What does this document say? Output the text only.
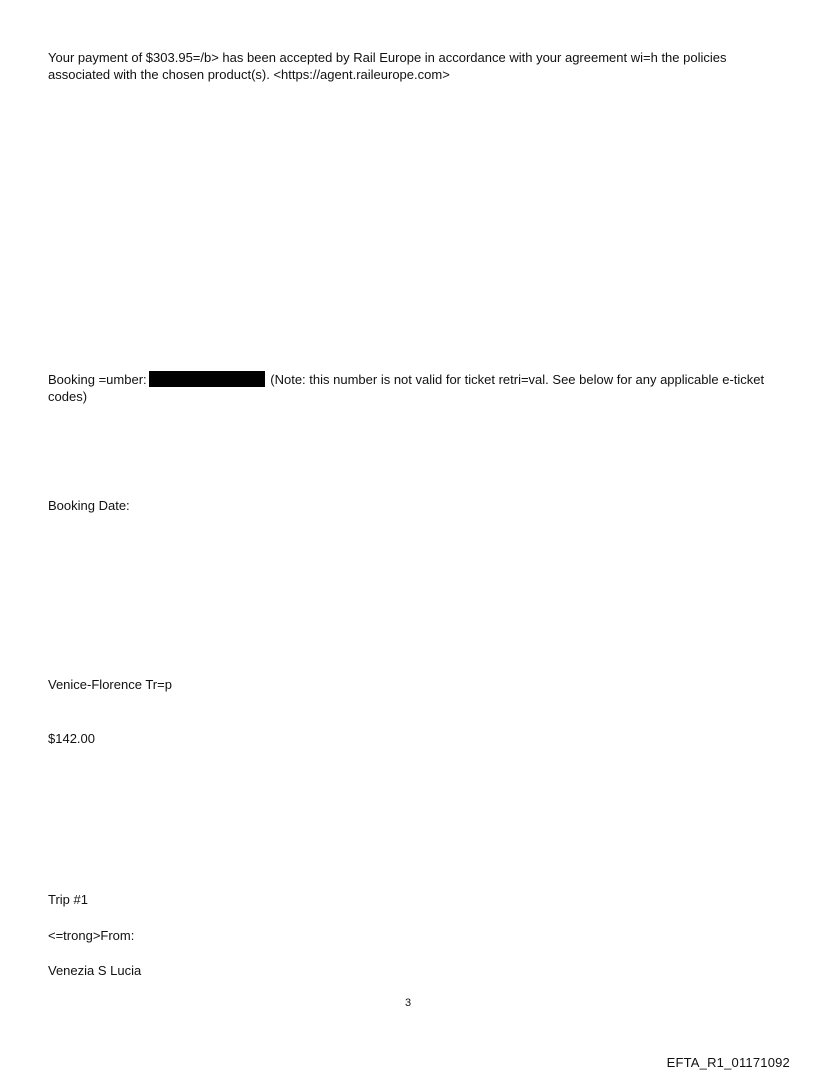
Your payment of $303.95=/b> has been accepted by Rail Europe in accordance with your agreement wi=h the policies associated with the chosen product(s). <https://agent.raileurope.com>
Booking =umber:	(Note: this number is not valid for ticket retri=val. See below for any applicable e-ticket codes)
Booking Date:
Venice-Florence Tr=p
$142.00
Trip #1
<=trong>From:
Venezia S Lucia
3
EFTA_R1_01171092
